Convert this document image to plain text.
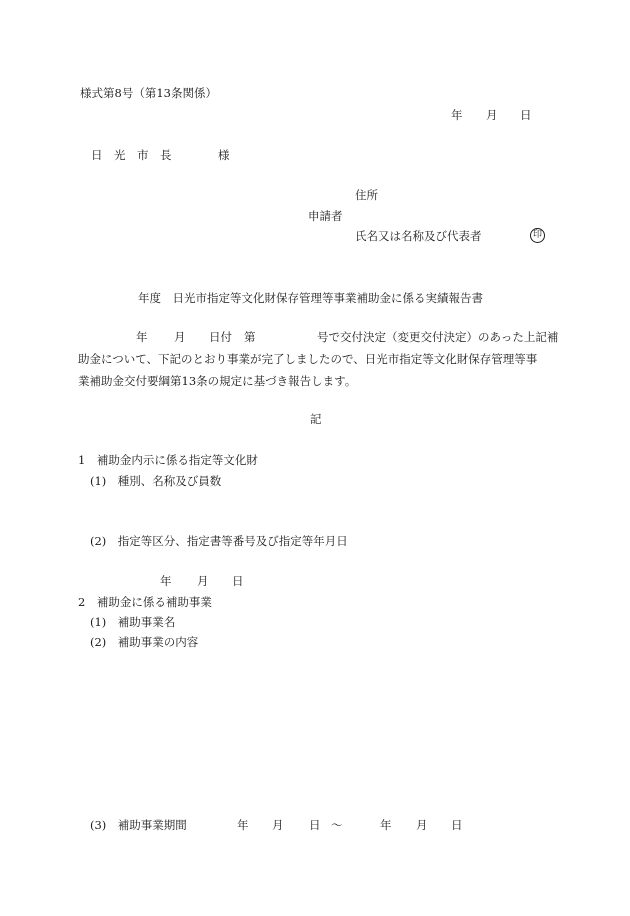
様式第8号（第13条関係）
年 月 日
日　光　市　長	様
住所
申請者
氏名又は名称及び代表者	印
年度　日光市指定等文化財保存管理等事業補助金に係る実績報告書
年 月 日付 第	号で交付決定（変更交付決定）のあった上記補
助金について、下記のとおり事業が完了しましたので、日光市指定等文化財保存管理等事
業補助金交付要綱第13条の規定に基づき報告します。
記
1　補助金内示に係る指定等文化財
(1)　種別、名称及び員数
(2)　指定等区分、指定書等番号及び指定等年月日
年 月 日
2　補助金に係る補助事業
(1)　補助事業名
(2)　補助事業の内容
(3)　補助事業期間	年 月 日 ～	年 月 日
